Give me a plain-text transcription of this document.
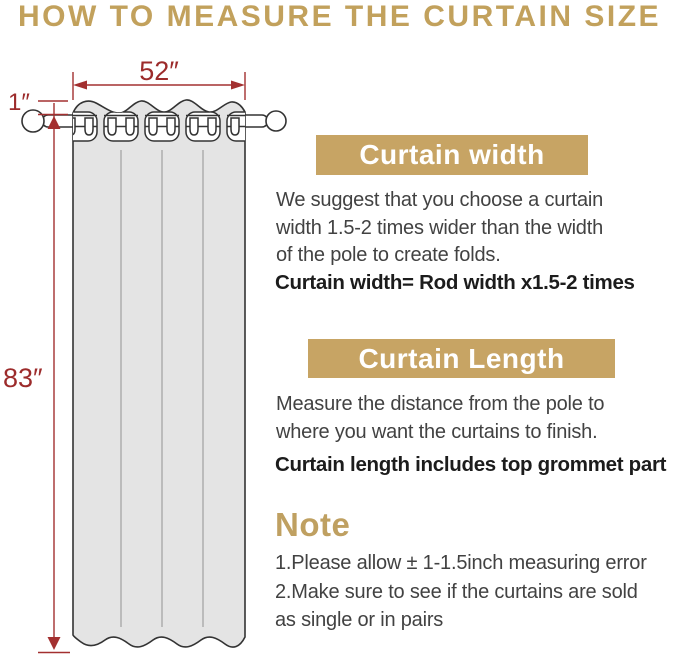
HOW TO MEASURE THE CURTAIN SIZE
52″
1″
83″
Curtain width
We suggest that you choose a curtain
width 1.5-2 times wider than the width
of the pole to create folds.
Curtain width= Rod width x1.5-2 times
Curtain Length
Measure the distance from the pole to
where you want the curtains to finish.
Curtain length includes top grommet part
Note
1.Please allow ± 1-1.5inch measuring error
2.Make sure to see if the curtains are sold
as single or in pairs
